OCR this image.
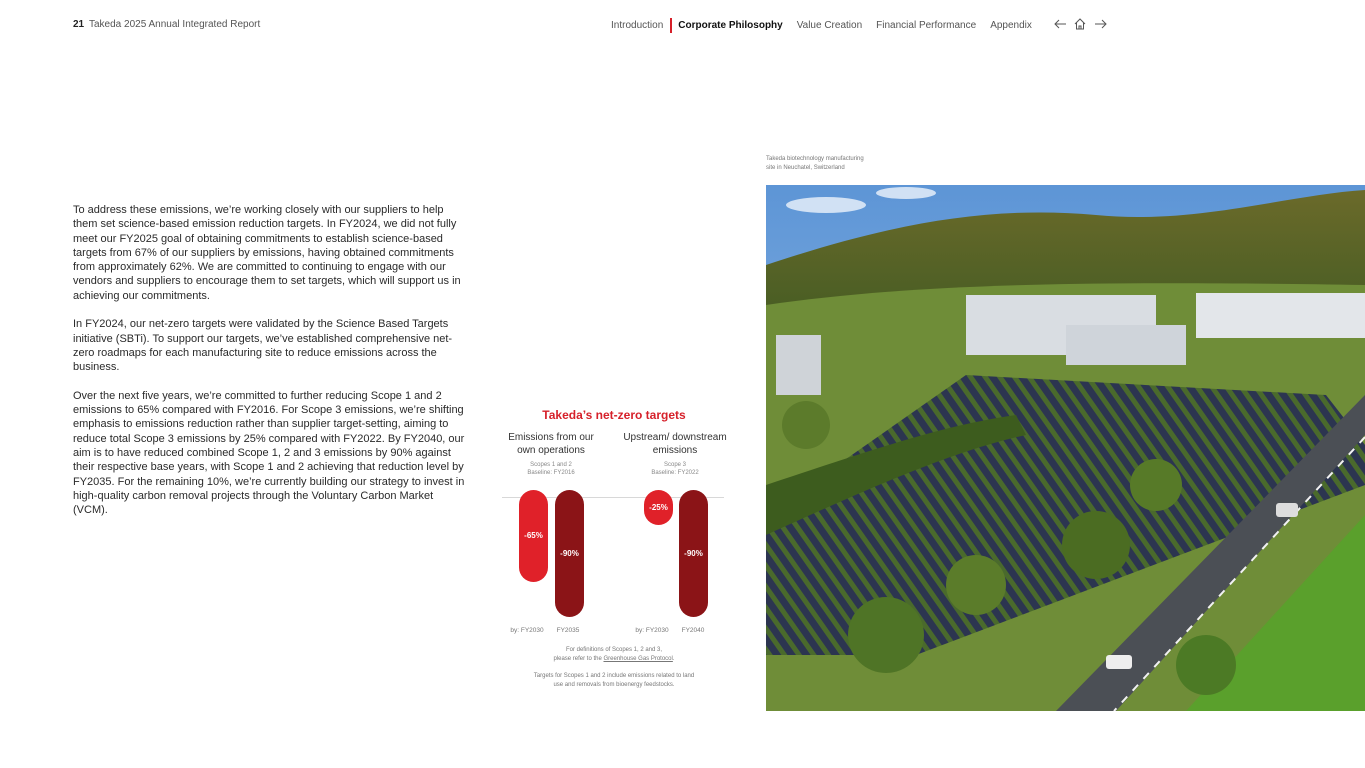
21 Takeda 2025 Annual Integrated Report	Introduction Corporate Philosophy Value Creation Financial Performance Appendix

To address these emissions, we’re working closely with our suppliers to help them set science-based emission reduction targets. In FY2024, we did not fully meet our FY2025 goal of obtaining commitments to establish science-based targets from 67% of our suppliers by emissions, having obtained commitments from approximately 62%. We are committed to continuing to engage with our vendors and suppliers to encourage them to set targets, which will support us in achieving our commitments.

In FY2024, our net-zero targets were validated by the Science Based Targets initiative (SBTi). To support our targets, we’ve established comprehensive net-zero roadmaps for each manufacturing site to reduce emissions across the business.

Over the next five years, we’re committed to further reducing Scope 1 and 2 emissions to 65% compared with FY2016. For Scope 3 emissions, we’re shifting emphasis to emissions reduction rather than supplier target-setting, aiming to reduce total Scope 3 emissions by 25% compared with FY2022. By FY2040, our aim is to have reduced combined Scope 1, 2 and 3 emissions by 90% against their respective base years, with Scope 1 and 2 achieving that reduction level by FY2035. For the remaining 10%, we’re currently building our strategy to invest in high-quality carbon removal projects through the Voluntary Carbon Market (VCM).

Takeda’s net-zero targets
Emissions from our own operations
Upstream/ downstream emissions
Scopes 1 and 2
Baseline: FY2016
Scope 3
Baseline: FY2022
-65%
-90%
-25%
-90%
by: FY2030	FY2035	by: FY2030	FY2040
For definitions of Scopes 1, 2 and 3,
please refer to the Greenhouse Gas Protocol.
Targets for Scopes 1 and 2 include emissions related to land
use and removals from bioenergy feedstocks.
Takeda biotechnology manufacturing
site in Neuchatel, Switzerland
